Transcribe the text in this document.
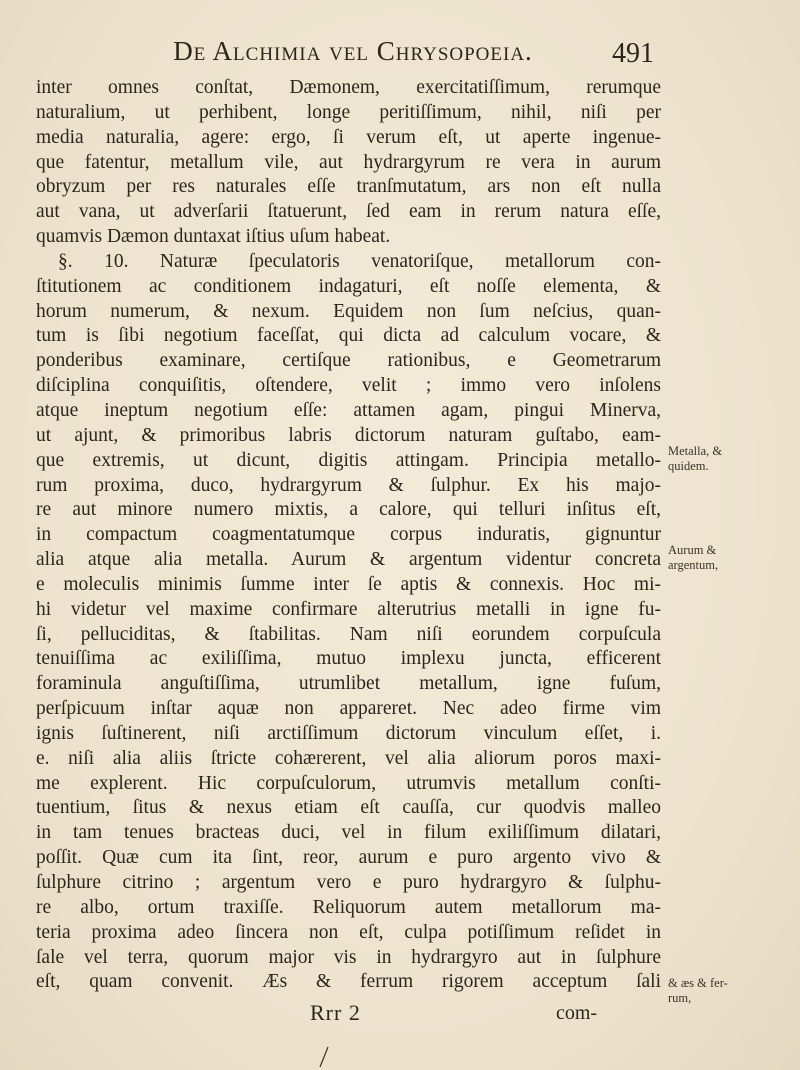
De Alchimia vel Chrysopoeia.	491
inter omnes conſtat, Dæmonem, exercitatiſſimum, rerumque
naturalium, ut perhibent, longe peritiſſimum, nihil, niſi per
media naturalia, agere: ergo, ſi verum eſt, ut aperte ingenue-
que fatentur, metallum vile, aut hydrargyrum re vera in aurum
obryzum per res naturales eſſe tranſmutatum, ars non eſt nulla
aut vana, ut adverſarii ſtatuerunt, ſed eam in rerum natura eſſe,
quamvis Dæmon duntaxat iſtius uſum habeat.
§. 10. Naturæ ſpeculatoris venatoriſque, metallorum con-
ſtitutionem ac conditionem indagaturi, eſt noſſe elementa, &
horum numerum, & nexum. Equidem non ſum neſcius, quan-
tum is ſibi negotium faceſſat, qui dicta ad calculum vocare, &
ponderibus examinare, certiſque rationibus, e Geometrarum
diſciplina conquiſitis, oſtendere, velit ; immo vero inſolens
atque ineptum negotium eſſe: attamen agam, pingui Minerva,
ut ajunt, & primoribus labris dictorum naturam guſtabo, eam-
que extremis, ut dicunt, digitis attingam. Principia metallo-
rum proxima, duco, hydrargyrum & ſulphur. Ex his majo-
re aut minore numero mixtis, a calore, qui telluri inſitus eſt,
in compactum coagmentatumque corpus induratis, gignuntur
alia atque alia metalla. Aurum & argentum videntur concreta
e moleculis minimis ſumme inter ſe aptis & connexis. Hoc mi-
hi videtur vel maxime confirmare alterutrius metalli in igne fu-
ſi, pelluciditas, & ſtabilitas. Nam niſi eorundem corpuſcula
tenuiſſima ac exiliſſima, mutuo implexu juncta, efficerent
foraminula anguſtiſſima, utrumlibet metallum, igne fuſum,
perſpicuum inſtar aquæ non appareret. Nec adeo firme vim
ignis ſuſtinerent, niſi arctiſſimum dictorum vinculum eſſet, i.
e. niſi alia aliis ſtricte cohærerent, vel alia aliorum poros maxi-
me explerent. Hic corpuſculorum, utrumvis metallum conſti-
tuentium, ſitus & nexus etiam eſt cauſſa, cur quodvis malleo
in tam tenues bracteas duci, vel in filum exiliſſimum dilatari,
poſſit. Quæ cum ita ſint, reor, aurum e puro argento vivo &
ſulphure citrino ; argentum vero e puro hydrargyro & ſulphu-
re albo, ortum traxiſſe. Reliquorum autem metallorum ma-
teria proxima adeo ſincera non eſt, culpa potiſſimum reſidet in
ſale vel terra, quorum major vis in hydrargyro aut in ſulphure
eſt, quam convenit. Æs & ferrum rigorem acceptum ſali
Metalla, &
quidem.
Aurum &
argentum,
& æs & fer-
rum,
Rrr 2	com-
